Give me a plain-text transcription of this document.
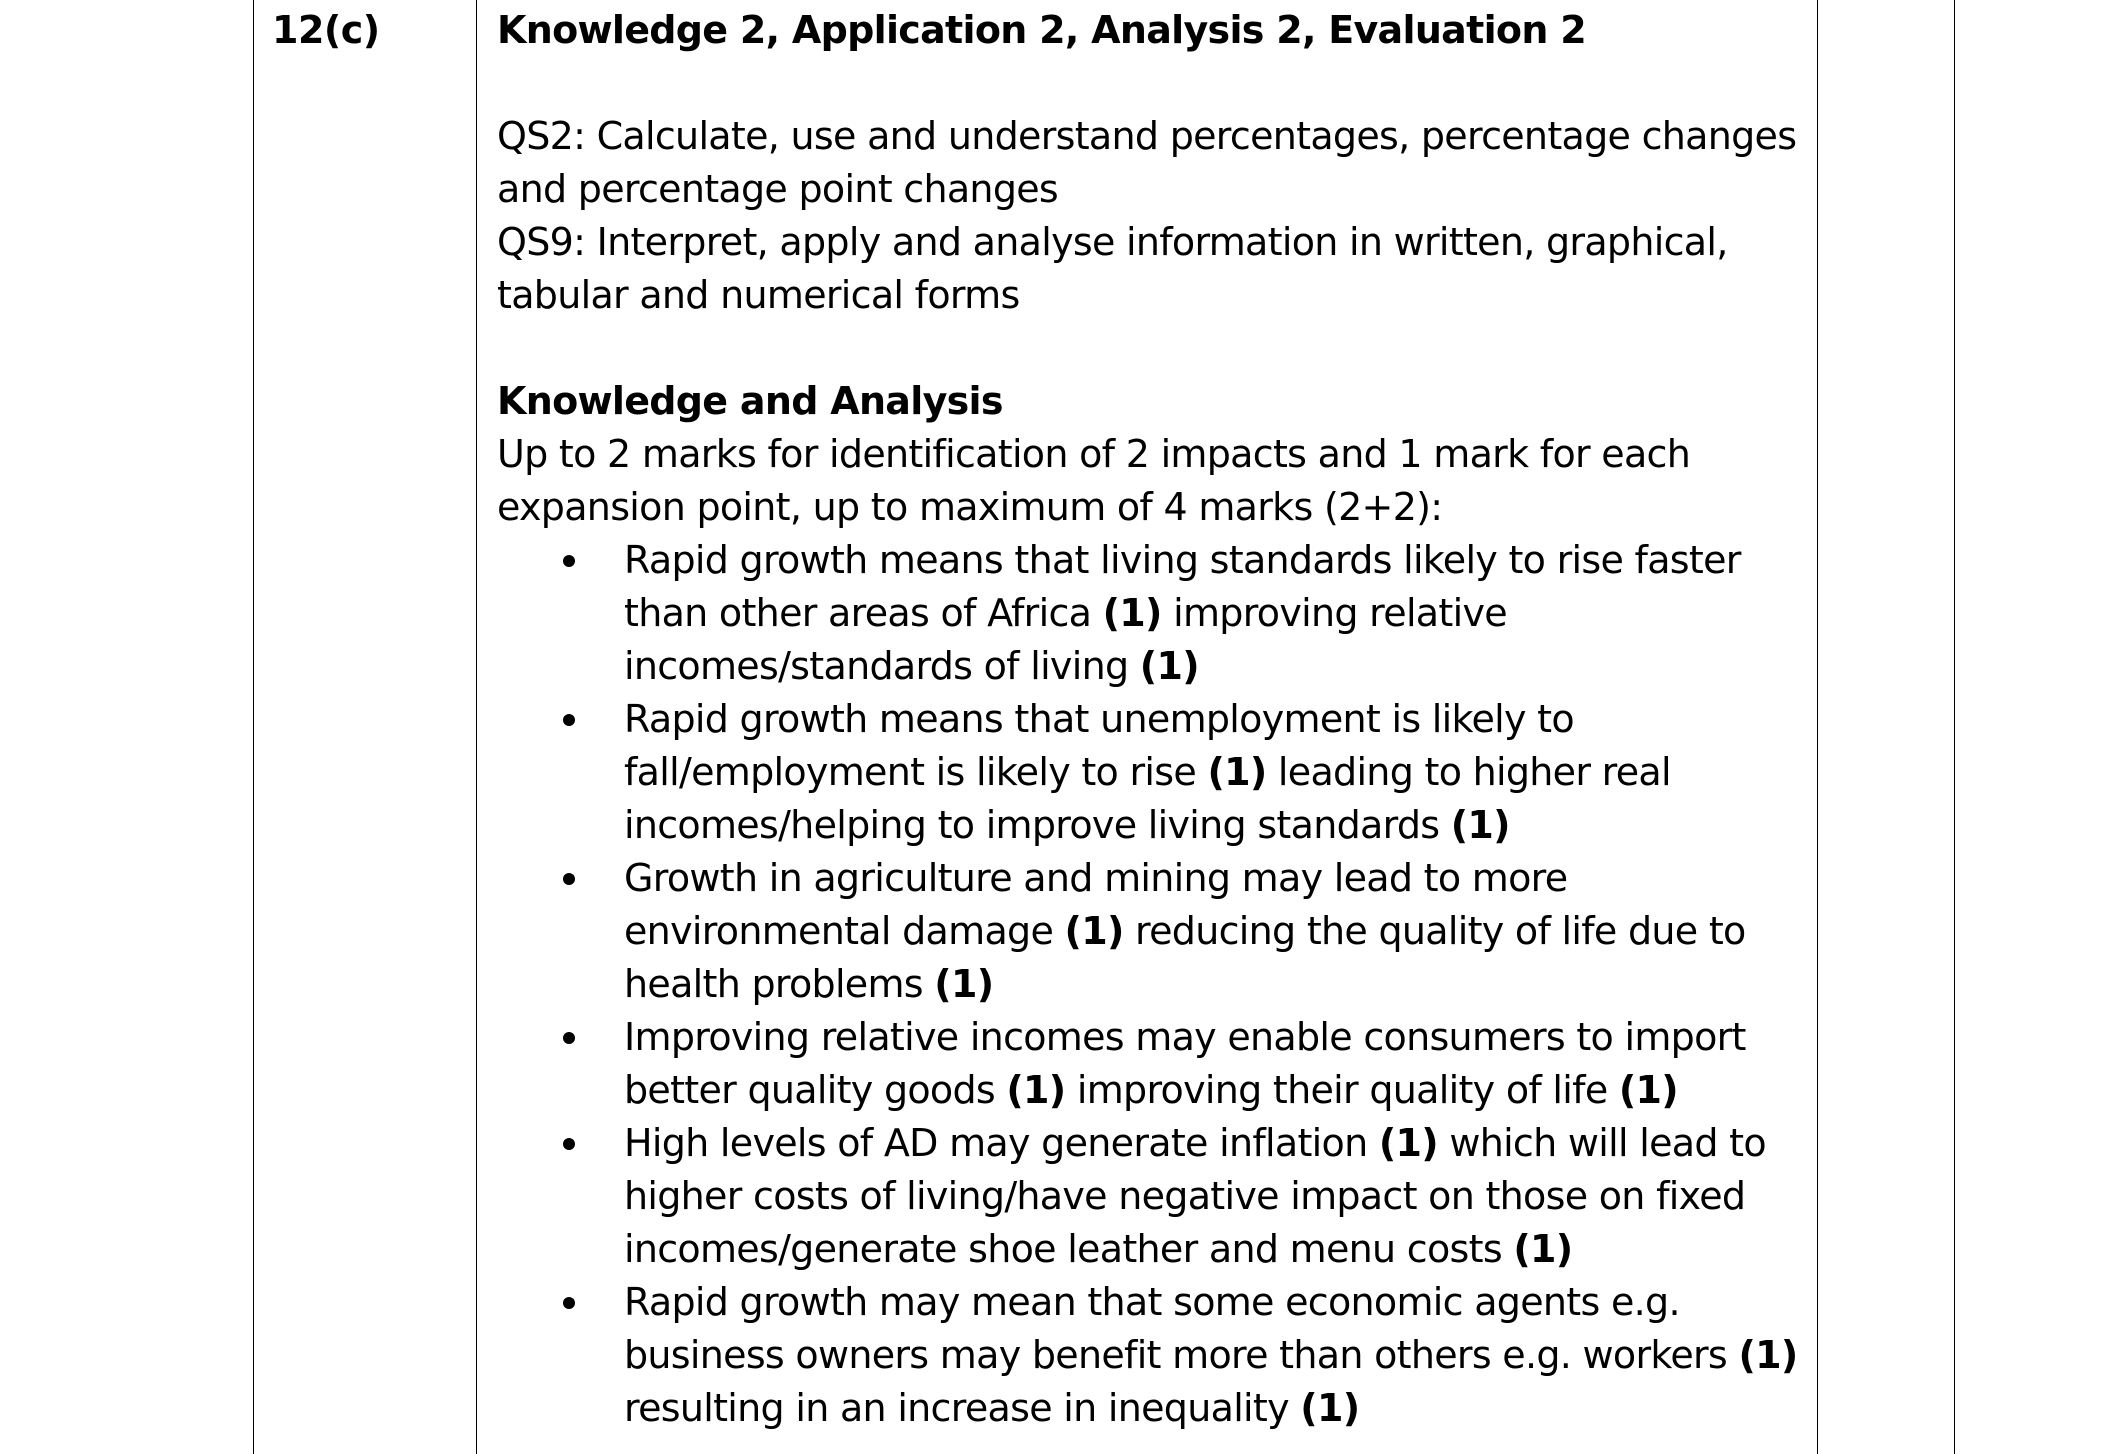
12(c)	Knowledge 2, Application 2, Analysis 2, Evaluation 2
QS2: Calculate, use and understand percentages, percentage changes
and percentage point changes
QS9: Interpret, apply and analyse information in written, graphical,
tabular and numerical forms
Knowledge and Analysis
Up to 2 marks for identification of 2 impacts and 1 mark for each
expansion point, up to maximum of 4 marks (2+2):
Rapid growth means that living standards likely to rise faster
than other areas of Africa (1) improving relative
incomes/standards of living (1)
Rapid growth means that unemployment is likely to
fall/employment is likely to rise (1) leading to higher real
incomes/helping to improve living standards (1)
Growth in agriculture and mining may lead to more
environmental damage (1) reducing the quality of life due to
health problems (1)
Improving relative incomes may enable consumers to import
better quality goods (1) improving their quality of life (1)
High levels of AD may generate inflation (1) which will lead to
higher costs of living/have negative impact on those on fixed
incomes/generate shoe leather and menu costs (1)
Rapid growth may mean that some economic agents e.g.
business owners may benefit more than others e.g. workers (1)
resulting in an increase in inequality (1)
